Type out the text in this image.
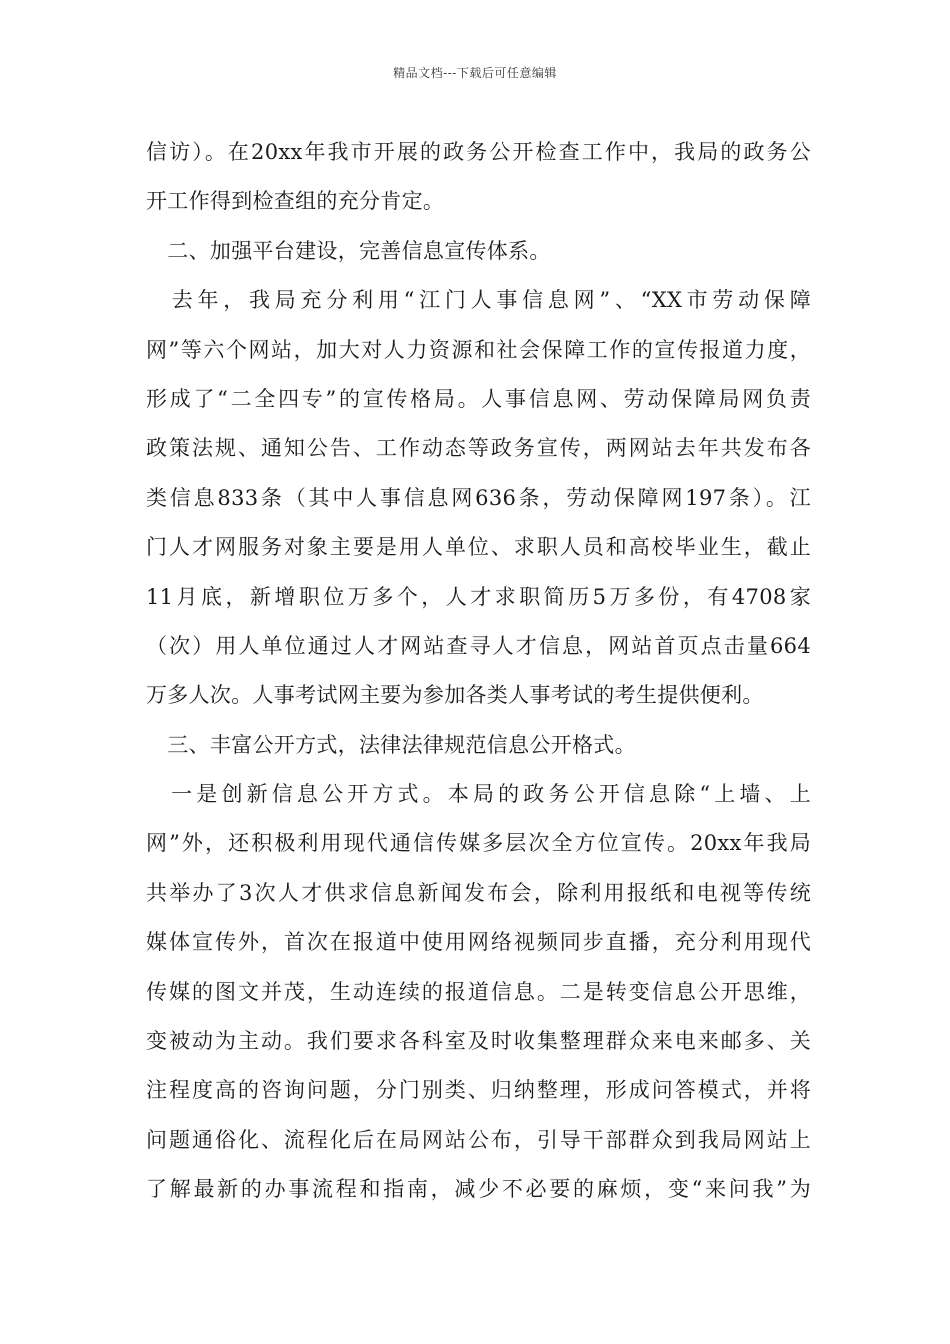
精品文档---下载后可任意编辑
信访）。在20xx年我市开展的政务公开检查工作中，我局的政务公
开工作得到检查组的充分肯定。
　二、加强平台建设，完善信息宣传体系。
　去年，我局充分利用“江门人事信息网”、“XX市劳动保障
网”等六个网站，加大对人力资源和社会保障工作的宣传报道力度，
形成了“二全四专”的宣传格局。人事信息网、劳动保障局网负责
政策法规、通知公告、工作动态等政务宣传，两网站去年共发布各
类信息833条（其中人事信息网636条，劳动保障网197条）。江
门人才网服务对象主要是用人单位、求职人员和高校毕业生，截止
11月底，新增职位万多个，人才求职简历5万多份，有4708家
（次）用人单位通过人才网站查寻人才信息，网站首页点击量664
万多人次。人事考试网主要为参加各类人事考试的考生提供便利。
　三、丰富公开方式，法律法律规范信息公开格式。
　一是创新信息公开方式。本局的政务公开信息除“上墙、上
网”外，还积极利用现代通信传媒多层次全方位宣传。20xx年我局
共举办了3次人才供求信息新闻发布会，除利用报纸和电视等传统
媒体宣传外，首次在报道中使用网络视频同步直播，充分利用现代
传媒的图文并茂，生动连续的报道信息。二是转变信息公开思维，
变被动为主动。我们要求各科室及时收集整理群众来电来邮多、关
注程度高的咨询问题，分门别类、归纳整理，形成问答模式，并将
问题通俗化、流程化后在局网站公布，引导干部群众到我局网站上
了解最新的办事流程和指南，减少不必要的麻烦，变“来问我”为
